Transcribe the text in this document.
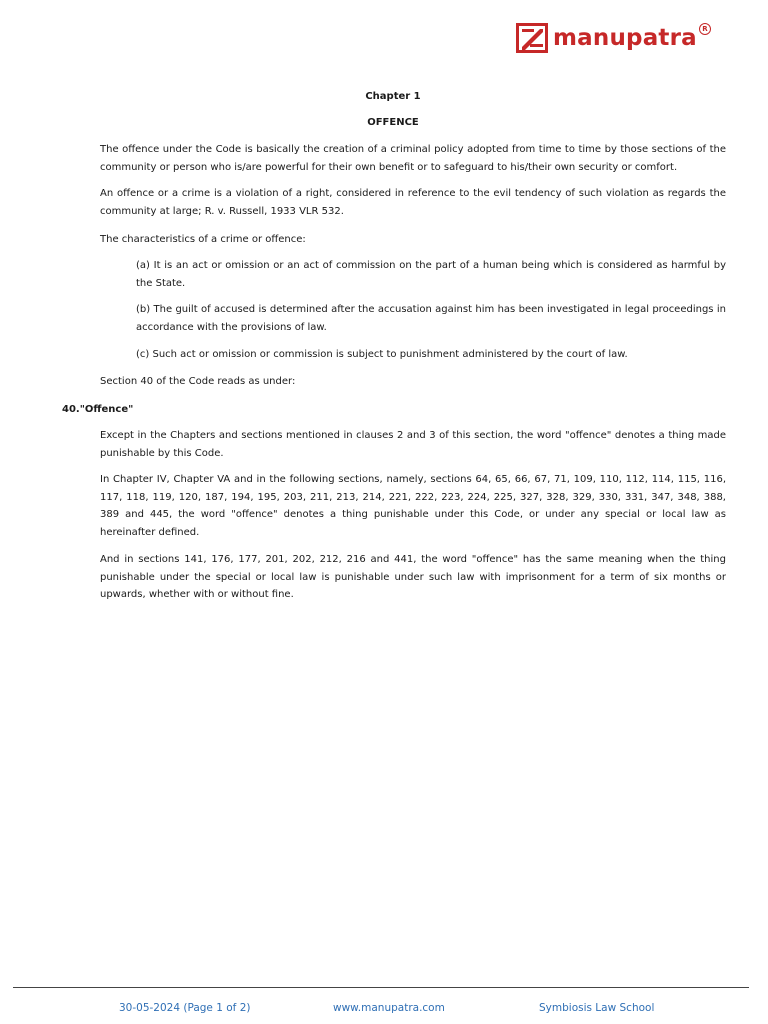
manupatra R
Chapter 1
OFFENCE

The offence under the Code is basically the creation of a criminal policy adopted from time to time by those sections of the community or person who is/are powerful for their own benefit or to safeguard to his/their own security or comfort.

An offence or a crime is a violation of a right, considered in reference to the evil tendency of such violation as regards the community at large; R. v. Russell, 1933 VLR 532.

The characteristics of a crime or offence:

(a) It is an act or omission or an act of commission on the part of a human being which is considered as harmful by the State.

(b) The guilt of accused is determined after the accusation against him has been investigated in legal proceedings in accordance with the provisions of law.

(c) Such act or omission or commission is subject to punishment administered by the court of law.

Section 40 of the Code reads as under:

40."Offence"

Except in the Chapters and sections mentioned in clauses 2 and 3 of this section, the word "offence" denotes a thing made punishable by this Code.

In Chapter IV, Chapter VA and in the following sections, namely, sections 64, 65, 66, 67, 71, 109, 110, 112, 114, 115, 116, 117, 118, 119, 120, 187, 194, 195, 203, 211, 213, 214, 221, 222, 223, 224, 225, 327, 328, 329, 330, 331, 347, 348, 388, 389 and 445, the word "offence" denotes a thing punishable under this Code, or under any special or local law as hereinafter defined.

And in sections 141, 176, 177, 201, 202, 212, 216 and 441, the word "offence" has the same meaning when the thing punishable under the special or local law is punishable under such law with imprisonment for a term of six months or upwards, whether with or without fine.

30-05-2024 (Page 1 of 2)	www.manupatra.com	Symbiosis Law School
